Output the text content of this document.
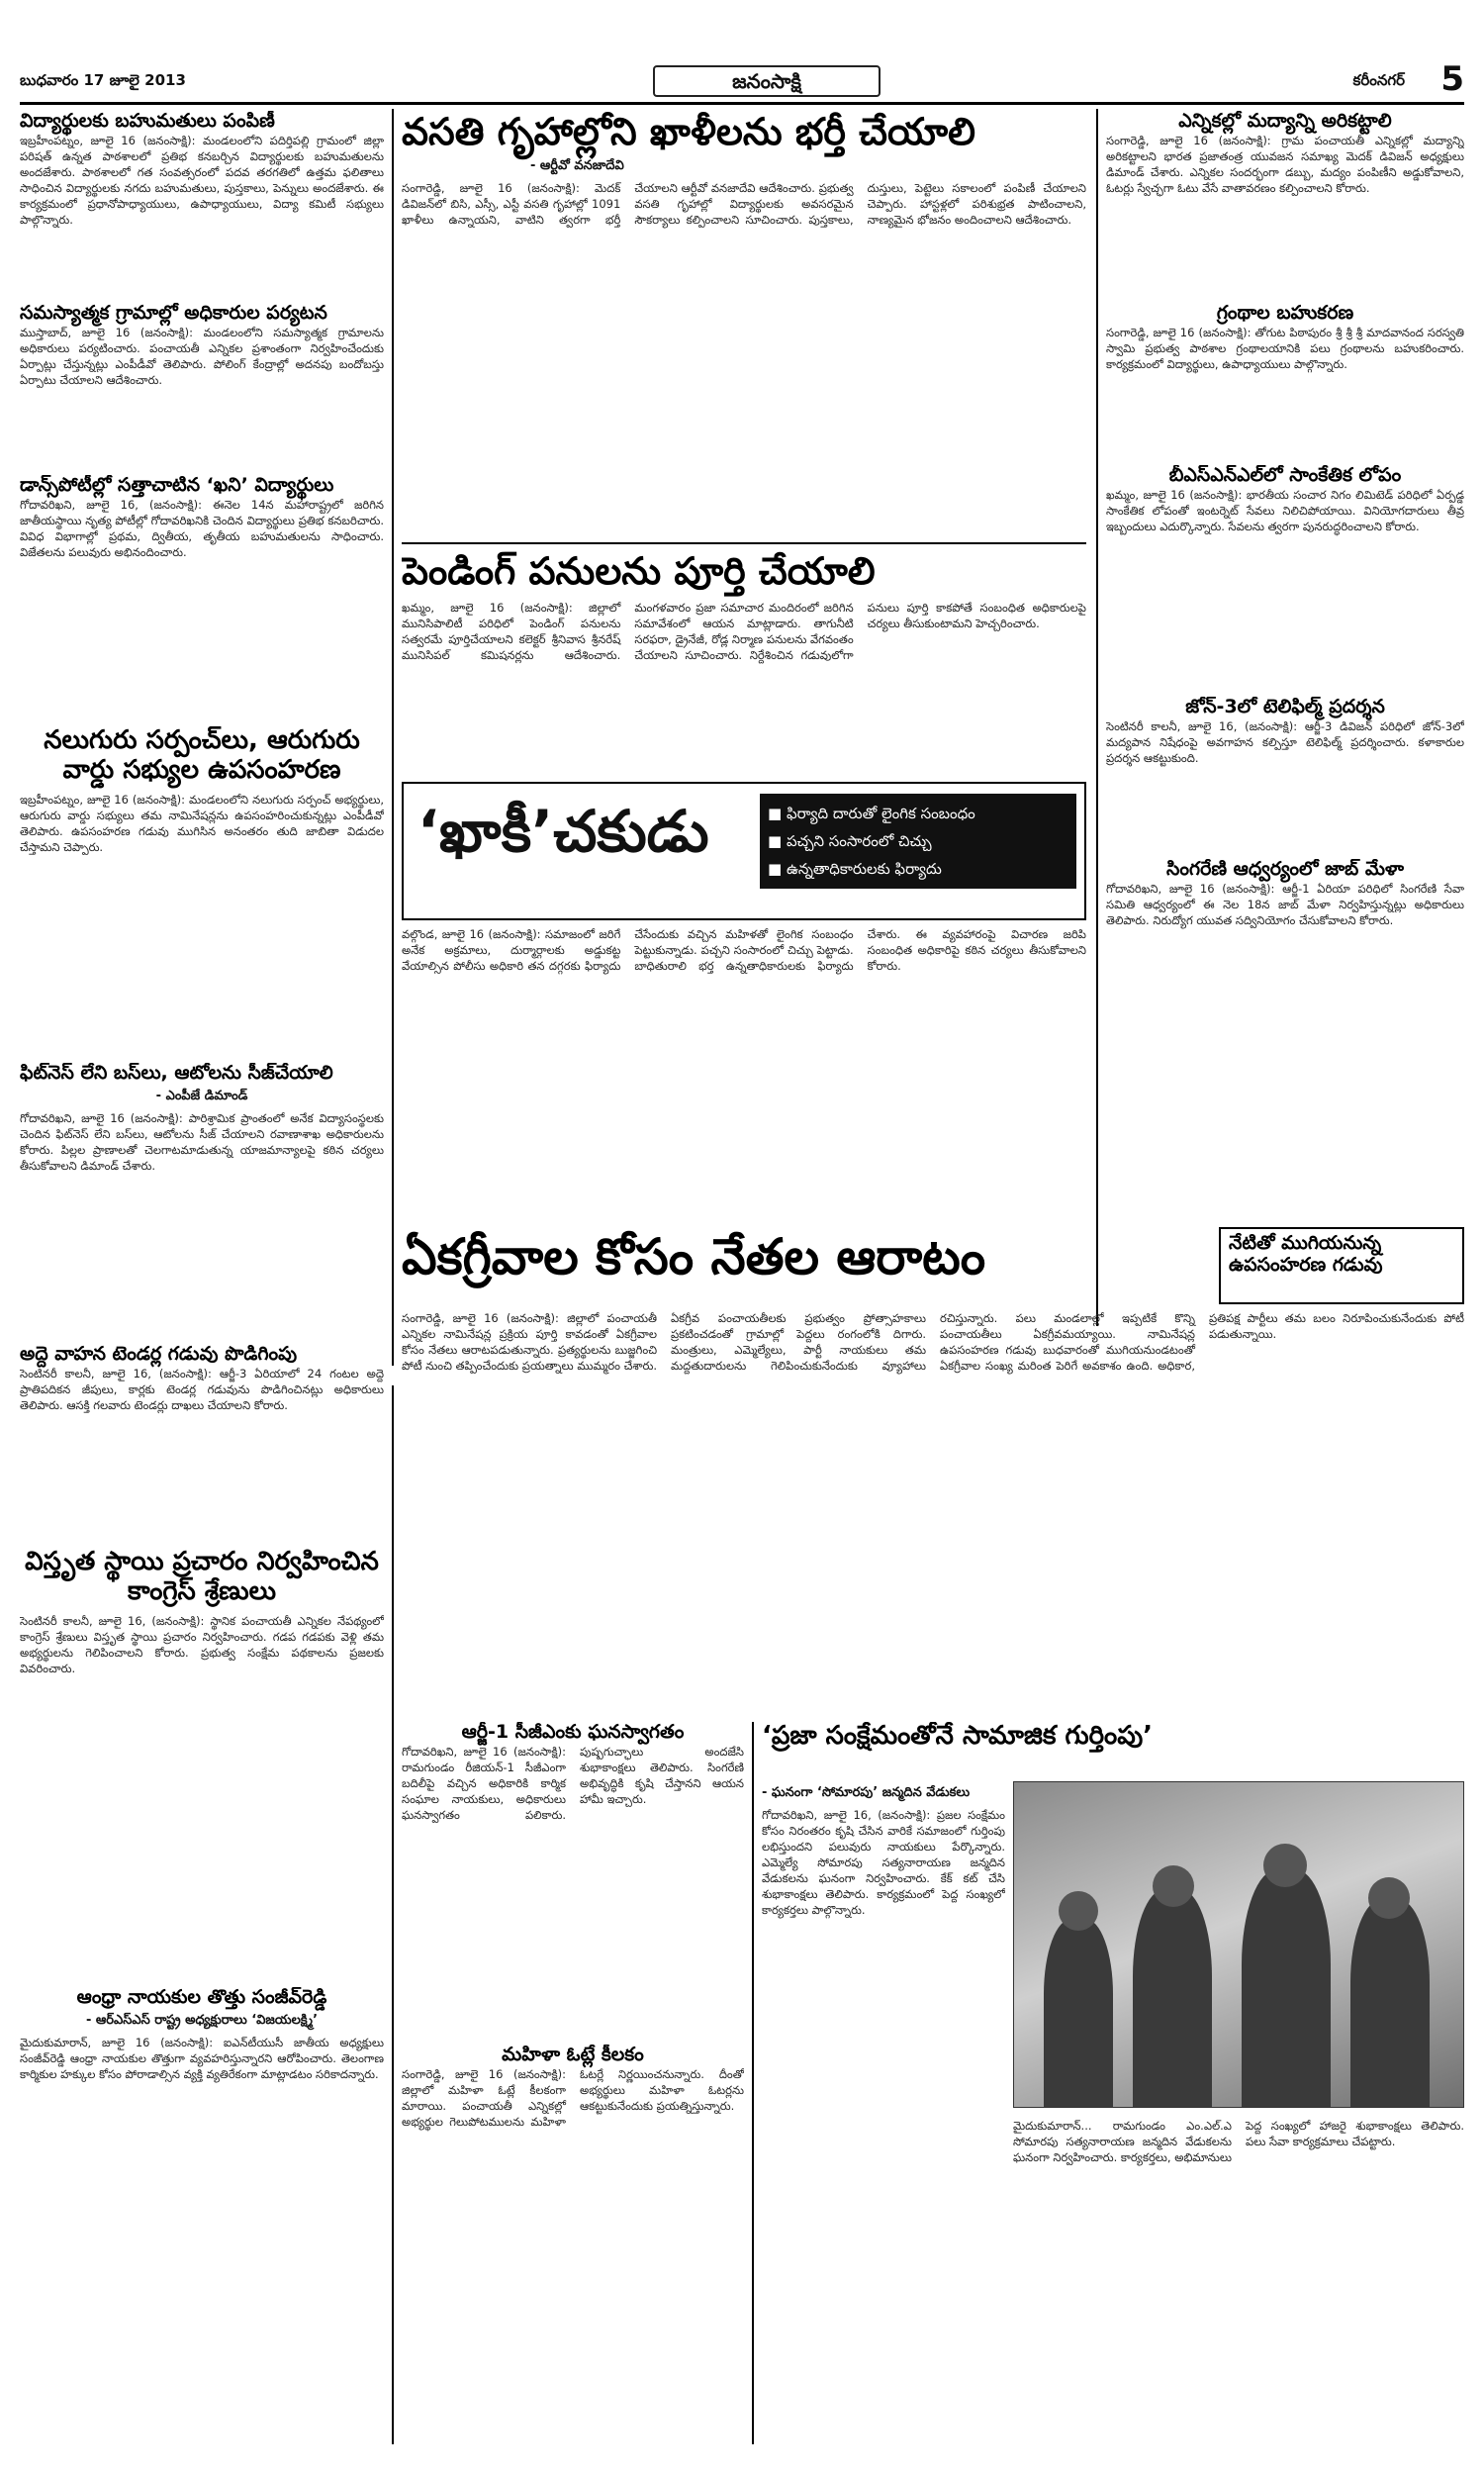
బుధవారం 17 జూలై 2013	జనంసాక్షి	కరీంనగర్ 5
విద్యార్థులకు బహుమతులు పంపిణీ
ఇబ్రహీంపట్నం, జూలై 16 (జనంసాక్షి): మండలంలోని పదిర్తిపల్లి గ్రామంలో జిల్లా పరిషత్ ఉన్నత పాఠశాలలో ప్రతిభ కనబర్చిన విద్యార్థులకు బహుమతులను అందజేశారు. పాఠశాలలో గత సంవత్సరంలో పదవ తరగతిలో ఉత్తమ ఫలితాలు సాధించిన విద్యార్థులకు నగదు బహుమతులు, పుస్తకాలు, పెన్నులు అందజేశారు. ఈ కార్యక్రమంలో ప్రధానోపాధ్యాయులు, ఉపాధ్యాయులు, విద్యా కమిటీ సభ్యులు పాల్గొన్నారు.
సమస్యాత్మక గ్రామాల్లో అధికారుల పర్యటన
ముస్తాబాద్, జూలై 16 (జనంసాక్షి): మండలంలోని సమస్యాత్మక గ్రామాలను అధికారులు పర్యటించారు. పంచాయతీ ఎన్నికల ప్రశాంతంగా నిర్వహించేందుకు ఏర్పాట్లు చేస్తున్నట్లు ఎంపీడీవో తెలిపారు. పోలింగ్ కేంద్రాల్లో అదనపు బందోబస్తు ఏర్పాటు చేయాలని ఆదేశించారు.
డాన్స్‌పోటీల్లో సత్తాచాటిన ‘ఖని’ విద్యార్థులు
గోదావరిఖని, జూలై 16, (జనంసాక్షి): ఈనెల 14న మహారాష్ట్రలో జరిగిన జాతీయస్థాయి నృత్య పోటీల్లో గోదావరిఖనికి చెందిన విద్యార్థులు ప్రతిభ కనబరిచారు. వివిధ విభాగాల్లో ప్రథమ, ద్వితీయ, తృతీయ బహుమతులను సాధించారు. విజేతలను పలువురు అభినందించారు.
నలుగురు సర్పంచ్‌లు, ఆరుగురు వార్డు సభ్యుల ఉపసంహరణ
ఇబ్రహీంపట్నం, జూలై 16 (జనంసాక్షి): మండలంలోని నలుగురు సర్పంచ్ అభ్యర్థులు, ఆరుగురు వార్డు సభ్యులు తమ నామినేషన్లను ఉపసంహరించుకున్నట్లు ఎంపీడీవో తెలిపారు. ఉపసంహరణ గడువు ముగిసిన అనంతరం తుది జాబితా విడుదల చేస్తామని చెప్పారు.
ఫిట్‌నెస్ లేని బస్‌లు, ఆటోలను సీజ్‌చేయాలి
- ఎంపీజే డిమాండ్
గోదావరిఖని, జూలై 16 (జనంసాక్షి): పారిశ్రామిక ప్రాంతంలో అనేక విద్యాసంస్థలకు చెందిన ఫిట్‌నెస్ లేని బస్‌లు, ఆటోలను సీజ్ చేయాలని రవాణాశాఖ అధికారులను కోరారు. పిల్లల ప్రాణాలతో చెలగాటమాడుతున్న యాజమాన్యాలపై కఠిన చర్యలు తీసుకోవాలని డిమాండ్ చేశారు.
అద్దె వాహన టెండర్ల గడువు పొడిగింపు
సెంటినరీ కాలనీ, జూలై 16, (జనంసాక్షి): ఆర్జీ-3 ఏరియాలో 24 గంటల అద్దె ప్రాతిపదికన జీపులు, కార్లకు టెండర్ల గడువును పొడిగించినట్లు అధికారులు తెలిపారు. ఆసక్తి గలవారు టెండర్లు దాఖలు చేయాలని కోరారు.
విస్తృత స్థాయి ప్రచారం నిర్వహించిన కాంగ్రెస్ శ్రేణులు
సెంటినరీ కాలనీ, జూలై 16, (జనంసాక్షి): స్థానిక పంచాయతీ ఎన్నికల నేపథ్యంలో కాంగ్రెస్ శ్రేణులు విస్తృత స్థాయి ప్రచారం నిర్వహించారు. గడప గడపకు వెళ్లి తమ అభ్యర్థులను గెలిపించాలని కోరారు. ప్రభుత్వ సంక్షేమ పథకాలను ప్రజలకు వివరించారు.
ఆంధ్రా నాయకుల తొత్తు సంజీవ్‌రెడ్డి
- ఆర్ఎస్ఎస్ రాష్ట్ర అధ్యక్షురాలు ‘విజయలక్ష్మి’
మైదుకుమారాన్, జూలై 16 (జనంసాక్షి): ఐఎన్‌టీయుసీ జాతీయ అధ్యక్షులు సంజీవ్‌రెడ్డి ఆంధ్రా నాయకుల తొత్తుగా వ్యవహరిస్తున్నారని ఆరోపించారు. తెలంగాణ కార్మికుల హక్కుల కోసం పోరాడాల్సిన వ్యక్తి వ్యతిరేకంగా మాట్లాడటం సరికాదన్నారు.
వసతి గృహాల్లోని ఖాళీలను భర్తీ చేయాలి
- ఆర్టీవో వనజాదేవి
సంగారెడ్డి, జూలై 16 (జనంసాక్షి): మెదక్ డివిజన్‌లో బిసి, ఎస్సీ, ఎస్టీ వసతి గృహాల్లో 1091 ఖాళీలు ఉన్నాయని, వాటిని త్వరగా భర్తీ చేయాలని ఆర్టీవో వనజాదేవి ఆదేశించారు. ప్రభుత్వ వసతి గృహాల్లో విద్యార్థులకు అవసరమైన సౌకర్యాలు కల్పించాలని సూచించారు. పుస్తకాలు, దుస్తులు, పెట్టెలు సకాలంలో పంపిణీ చేయాలని చెప్పారు. హాస్టళ్లలో పరిశుభ్రత పాటించాలని, నాణ్యమైన భోజనం అందించాలని ఆదేశించారు.
పెండింగ్ పనులను పూర్తి చేయాలి
ఖమ్మం, జూలై 16 (జనంసాక్షి): జిల్లాలో మునిసిపాలిటీ పరిధిలో పెండింగ్ పనులను సత్వరమే పూర్తిచేయాలని కలెక్టర్ శ్రీనివాస శ్రీనరేష్ మునిసిపల్ కమిషనర్లను ఆదేశించారు. మంగళవారం ప్రజా సమాచార మందిరంలో జరిగిన సమావేశంలో ఆయన మాట్లాడారు. తాగునీటి సరఫరా, డ్రైనేజీ, రోడ్ల నిర్మాణ పనులను వేగవంతం చేయాలని సూచించారు. నిర్దేశించిన గడువులోగా పనులు పూర్తి కాకపోతే సంబంధిత అధికారులపై చర్యలు తీసుకుంటామని హెచ్చరించారు.
‘ఖాకీ’చకుడు
■	ఫిర్యాది దారుతో లైంగిక సంబంధం
■ పచ్చని సంసారంలో చిచ్చు
■ ఉన్నతాధికారులకు ఫిర్యాదు
వల్గొండ, జూలై 16 (జనంసాక్షి): సమాజంలో జరిగే అనేక అక్రమాలు, దుర్మార్గాలకు అడ్డుకట్ట వేయాల్సిన పోలీసు అధికారి తన దగ్గరకు ఫిర్యాదు చేసేందుకు వచ్చిన మహిళతో లైంగిక సంబంధం పెట్టుకున్నాడు. పచ్చని సంసారంలో చిచ్చు పెట్టాడు. బాధితురాలి భర్త ఉన్నతాధికారులకు ఫిర్యాదు చేశారు. ఈ వ్యవహారంపై విచారణ జరిపి సంబంధిత అధికారిపై కఠిన చర్యలు తీసుకోవాలని కోరారు.
ఎన్నికల్లో మద్యాన్ని అరికట్టాలి
సంగారెడ్డి, జూలై 16 (జనంసాక్షి): గ్రామ పంచాయతీ ఎన్నికల్లో మద్యాన్ని అరికట్టాలని భారత ప్రజాతంత్ర యువజన సమాఖ్య మెదక్ డివిజన్ అధ్యక్షులు డిమాండ్ చేశారు. ఎన్నికల సందర్భంగా డబ్బు, మద్యం పంపిణీని అడ్డుకోవాలని, ఓటర్లు స్వేచ్ఛగా ఓటు వేసే వాతావరణం కల్పించాలని కోరారు.
గ్రంథాల బహుకరణ
సంగారెడ్డి, జూలై 16 (జనంసాక్షి): తోగుట పిఠాపురం శ్రీ శ్రీ శ్రీ మాదవానంద సరస్వతి స్వామి ప్రభుత్వ పాఠశాల గ్రంథాలయానికి పలు గ్రంథాలను బహుకరించారు. కార్యక్రమంలో విద్యార్థులు, ఉపాధ్యాయులు పాల్గొన్నారు.
బీఎస్ఎన్ఎల్‌లో సాంకేతిక లోపం
ఖమ్మం, జూలై 16 (జనంసాక్షి): భారతీయ సంచార నిగం లిమిటెడ్ పరిధిలో ఏర్పడ్డ సాంకేతిక లోపంతో ఇంటర్నెట్ సేవలు నిలిచిపోయాయి. వినియోగదారులు తీవ్ర ఇబ్బందులు ఎదుర్కొన్నారు. సేవలను త్వరగా పునరుద్ధరించాలని కోరారు.
జోన్-3లో టెలిఫిల్మ్ ప్రదర్శన
సెంటినరీ కాలనీ, జూలై 16, (జనంసాక్షి): ఆర్జీ-3 డివిజన్ పరిధిలో జోన్-3లో మద్యపాన నిషేధంపై అవగాహన కల్పిస్తూ టెలిఫిల్మ్ ప్రదర్శించారు. కళాకారుల ప్రదర్శన ఆకట్టుకుంది.
సింగరేణి ఆధ్వర్యంలో జాబ్ మేళా
గోదావరిఖని, జూలై 16 (జనంసాక్షి): ఆర్జీ-1 ఏరియా పరిధిలో సింగరేణి సేవా సమితి ఆధ్వర్యంలో ఈ నెల 18న జాబ్ మేళా నిర్వహిస్తున్నట్లు అధికారులు తెలిపారు. నిరుద్యోగ యువత సద్వినియోగం చేసుకోవాలని కోరారు.
ఏకగ్రీవాల కోసం నేతల ఆరాటం	నేటితో ముగియనున్న ఉపసంహరణ గడువు
సంగారెడ్డి, జూలై 16 (జనంసాక్షి): జిల్లాలో పంచాయతీ ఎన్నికల నామినేషన్ల ప్రక్రియ పూర్తి కావడంతో ఏకగ్రీవాల కోసం నేతలు ఆరాటపడుతున్నారు. ప్రత్యర్థులను బుజ్జగించి పోటీ నుంచి తప్పించేందుకు ప్రయత్నాలు ముమ్మరం చేశారు. ఏకగ్రీవ పంచాయతీలకు ప్రభుత్వం ప్రోత్సాహకాలు ప్రకటించడంతో గ్రామాల్లో పెద్దలు రంగంలోకి దిగారు. మంత్రులు, ఎమ్మెల్యేలు, పార్టీ నాయకులు తమ మద్దతుదారులను గెలిపించుకునేందుకు వ్యూహాలు రచిస్తున్నారు. పలు మండలాల్లో ఇప్పటికే కొన్ని పంచాయతీలు ఏకగ్రీవమయ్యాయి. నామినేషన్ల ఉపసంహరణ గడువు బుధవారంతో ముగియనుండటంతో ఏకగ్రీవాల సంఖ్య మరింత పెరిగే అవకాశం ఉంది. అధికార, ప్రతిపక్ష పార్టీలు తమ బలం నిరూపించుకునేందుకు పోటీ పడుతున్నాయి.
ఆర్జీ-1 సీజీఎంకు ఘనస్వాగతం
గోదావరిఖని, జూలై 16 (జనంసాక్షి): రామగుండం రీజియన్-1 సీజీఎంగా బదిలీపై వచ్చిన అధికారికి కార్మిక సంఘాల నాయకులు, అధికారులు ఘనస్వాగతం పలికారు. పుష్పగుచ్ఛాలు అందజేసి శుభాకాంక్షలు తెలిపారు. సింగరేణి అభివృద్ధికి కృషి చేస్తానని ఆయన హామీ ఇచ్చారు.
మహిళా ఓట్లే కీలకం
సంగారెడ్డి, జూలై 16 (జనంసాక్షి): జిల్లాలో మహిళా ఓట్లే కీలకంగా మారాయి. పంచాయతీ ఎన్నికల్లో అభ్యర్థుల గెలుపోటములను మహిళా ఓటర్లే నిర్ణయించనున్నారు. దీంతో అభ్యర్థులు మహిళా ఓటర్లను ఆకట్టుకునేందుకు ప్రయత్నిస్తున్నారు.
‘ప్రజా సంక్షేమంతోనే సామాజిక గుర్తింపు’
- ఘనంగా ‘సోమారపు’ జన్మదిన వేడుకలు
గోదావరిఖని, జూలై 16, (జనంసాక్షి): ప్రజల సంక్షేమం కోసం నిరంతరం కృషి చేసిన వారికే సమాజంలో గుర్తింపు లభిస్తుందని పలువురు నాయకులు పేర్కొన్నారు. ఎమ్మెల్యే సోమారపు సత్యనారాయణ జన్మదిన వేడుకలను ఘనంగా నిర్వహించారు. కేక్ కట్ చేసి శుభాకాంక్షలు తెలిపారు. కార్యక్రమంలో పెద్ద సంఖ్యలో కార్యకర్తలు పాల్గొన్నారు.
మైదుకుమారాన్... రామగుండం ఎం.ఎల్.ఎ సోమారపు సత్యనారాయణ జన్మదిన వేడుకలను ఘనంగా నిర్వహించారు. కార్యకర్తలు, అభిమానులు పెద్ద సంఖ్యలో హాజరై శుభాకాంక్షలు తెలిపారు. పలు సేవా కార్యక్రమాలు చేపట్టారు.
